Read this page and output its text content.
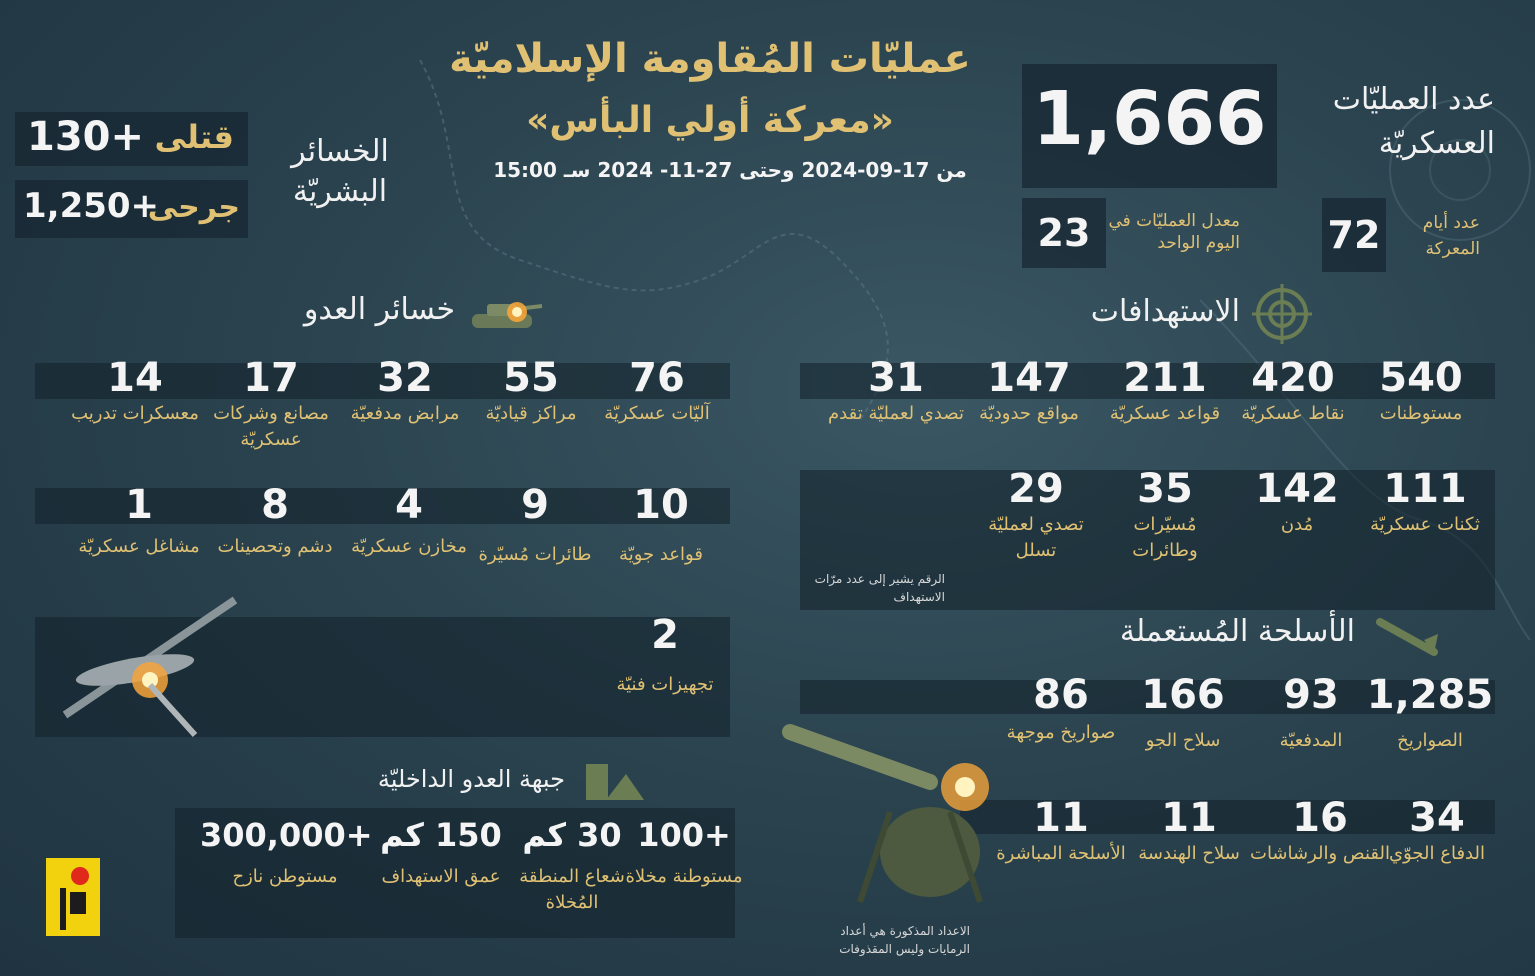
عمليّات المُقاومة الإسلاميّة
«معركة أولي البأس»
من 17-09-2024 وحتى 27-11- 2024 سـ 15:00
عدد العمليّات العسكريّة
1,666
23	معدل العمليّات في اليوم الواحد 72	عدد أيام المعركة
الخسائر البشريّة
130+ قتلى
1,250+
جرحى
خسائر العدو
76
آليّات عسكريّة
55
مراكز قياديّة
32
مرابض مدفعيّة
17
مصانع وشركات عسكريّة
14
معسكرات تدريب
10
قواعد جويّة
9
طائرات مُسيّرة
4
مخازن عسكريّة
8
دشم وتحصينات
1
مشاغل عسكريّة
2
تجهيزات فنيّة
الاستهدافات
540
مستوطنات
420
نقاط عسكريّة
211
قواعد عسكريّة
147
مواقع حدوديّة
31
تصدي لعمليّة تقدم
111
ثكنات عسكريّة
142
مُدن
35
مُسيّرات وطائرات
29
تصدي لعمليّة تسلل
الرقم يشير إلى عدد مرّات الاستهداف
الأسلحة المُستعملة
1,285
الصواريخ
93
المدفعيّة
166
سلاح الجو
86
صواريخ موجهة
34
الدفاع الجوّي
16
القنص والرشاشات
11
سلاح الهندسة
11
الأسلحة المباشرة
الاعداد المذكورة هي أعداد الرمايات وليس المقذوفات
جبهة العدو الداخليّة
100+
مستوطنة مخلاة
30 كم
شعاع المنطقة المُخلاة
150 كم
عمق الاستهداف
300,000+
مستوطن نازح
